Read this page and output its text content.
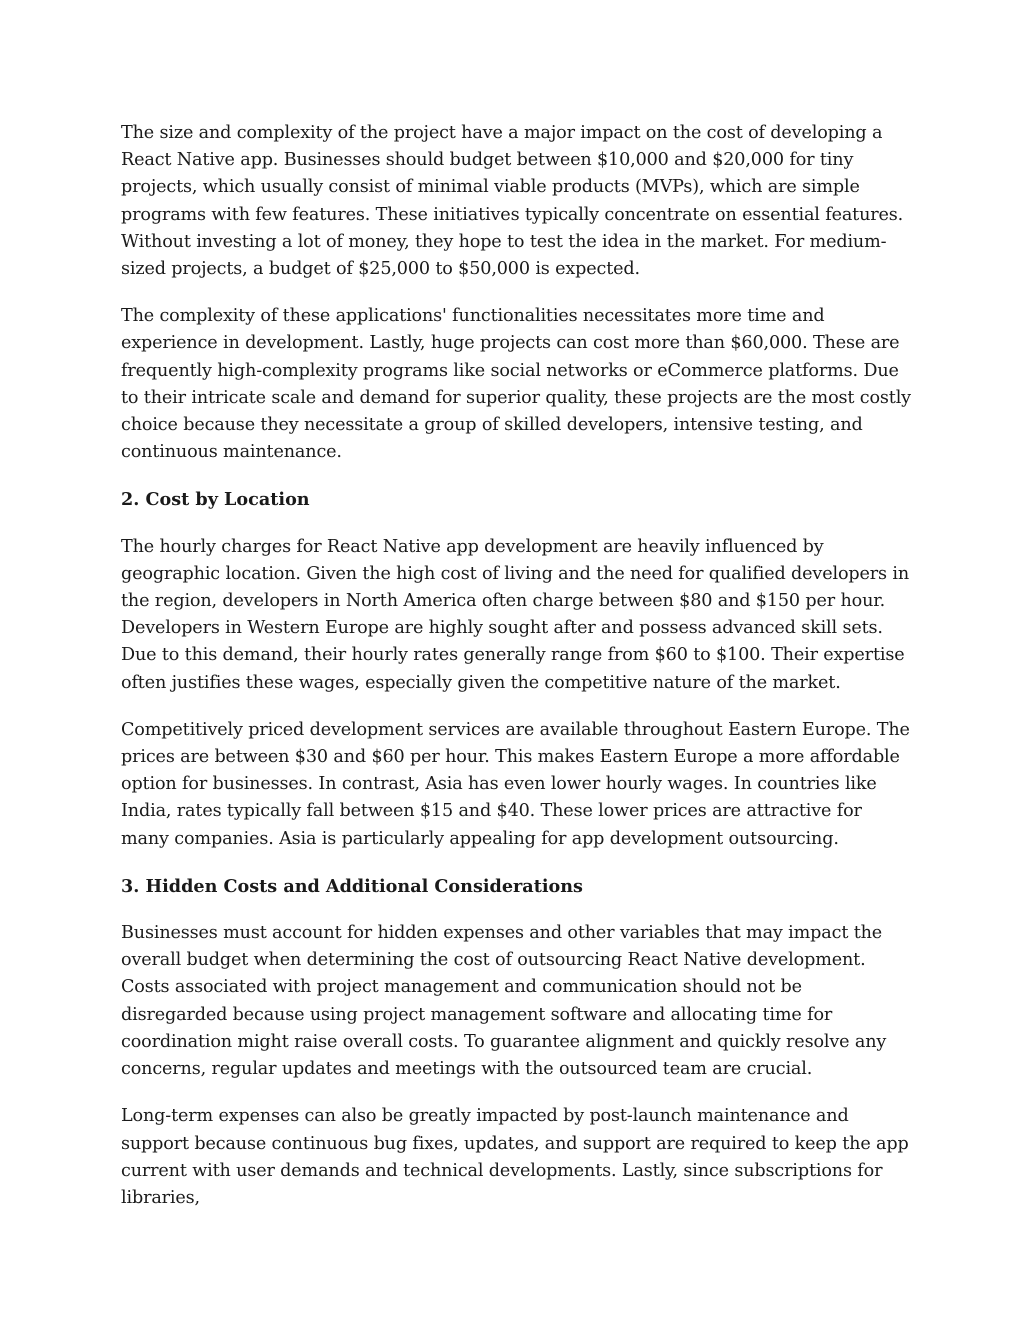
The size and complexity of the project have a major impact on the cost of developing a React Native app. Businesses should budget between $10,000 and $20,000 for tiny projects, which usually consist of minimal viable products (MVPs), which are simple programs with few features. These initiatives typically concentrate on essential features. Without investing a lot of money, they hope to test the idea in the market. For medium-sized projects, a budget of $25,000 to $50,000 is expected.

The complexity of these applications' functionalities necessitates more time and experience in development. Lastly, huge projects can cost more than $60,000. These are frequently high-complexity programs like social networks or eCommerce platforms. Due to their intricate scale and demand for superior quality, these projects are the most costly choice because they necessitate a group of skilled developers, intensive testing, and continuous maintenance.

2. Cost by Location

The hourly charges for React Native app development are heavily influenced by geographic location. Given the high cost of living and the need for qualified developers in the region, developers in North America often charge between $80 and $150 per hour. Developers in Western Europe are highly sought after and possess advanced skill sets. Due to this demand, their hourly rates generally range from $60 to $100. Their expertise often justifies these wages, especially given the competitive nature of the market.

Competitively priced development services are available throughout Eastern Europe. The prices are between $30 and $60 per hour. This makes Eastern Europe a more affordable option for businesses. In contrast, Asia has even lower hourly wages. In countries like India, rates typically fall between $15 and $40. These lower prices are attractive for many companies. Asia is particularly appealing for app development outsourcing.

3. Hidden Costs and Additional Considerations

Businesses must account for hidden expenses and other variables that may impact the overall budget when determining the cost of outsourcing React Native development. Costs associated with project management and communication should not be disregarded because using project management software and allocating time for coordination might raise overall costs. To guarantee alignment and quickly resolve any concerns, regular updates and meetings with the outsourced team are crucial.

Long-term expenses can also be greatly impacted by post-launch maintenance and support because continuous bug fixes, updates, and support are required to keep the app current with user demands and technical developments. Lastly, since subscriptions for libraries,
